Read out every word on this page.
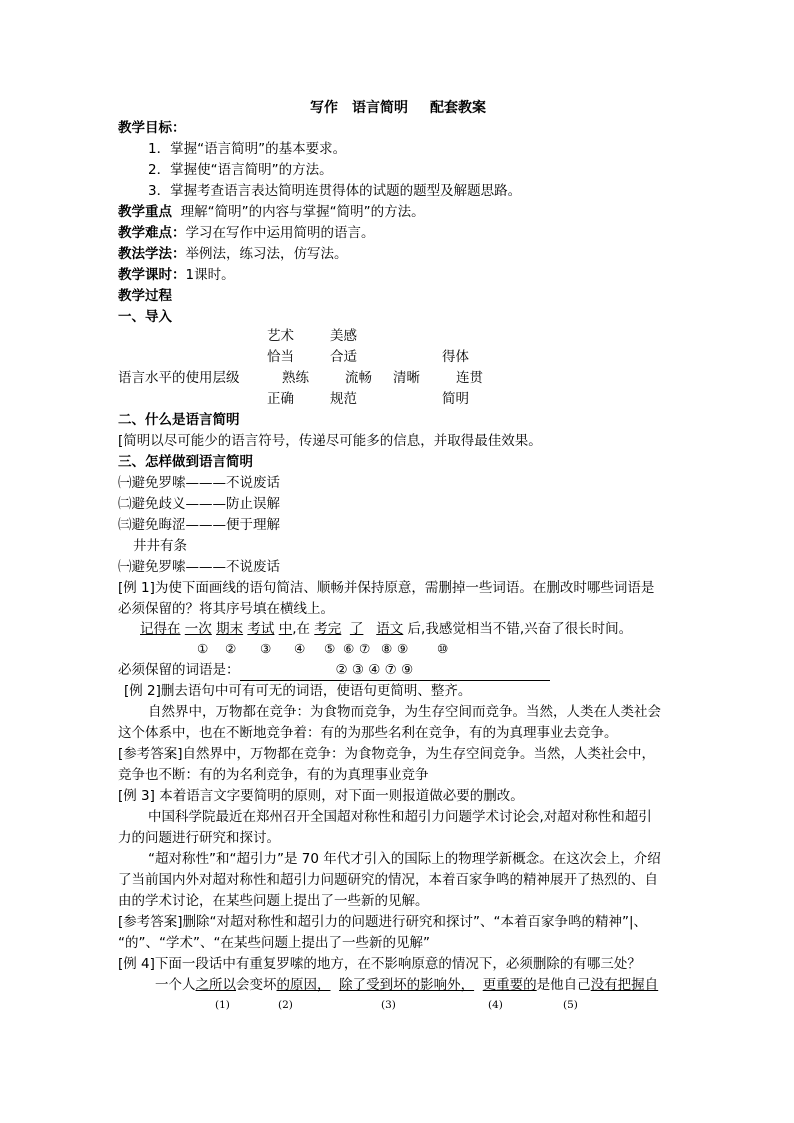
写作 语言简明 配套教案
教学目标：
1．掌握“语言简明”的基本要求。
2．掌握使“语言简明”的方法。
3．掌握考查语言表达简明连贯得体的试题的题型及解题思路。
教学重点 理解“简明”的内容与掌握“简明”的方法。
教学难点：学习在写作中运用简明的语言。
教法学法：举例法，练习法，仿写法。
教学课时：1课时。
教学过程
一、导入
艺术	美感
恰当	合适	得体
语言水平的使用层级	熟练	流畅 清晰	连贯
正确	规范	简明
二、什么是语言简明
[简明以尽可能少的语言符号，传递尽可能多的信息，并取得最佳效果。
三、怎样做到语言简明
㈠避免罗嗦———不说废话
㈡避免歧义———防止误解
㈢避免晦涩———便于理解
井井有条
㈠避免罗嗦———不说废话
[例 1]为使下面画线的语句简洁、顺畅并保持原意，需删掉一些词语。在删改时哪些词语是
必须保留的？将其序号填在横线上。
记得在 一次 期末 考试 中,在 考完 了 语文 后,我感觉相当不错,兴奋了很长时间。
① ② ③ ④ ⑤ ⑥ ⑦ ⑧ ⑨ ⑩
必须保留的词语是：	② ③ ④ ⑦ ⑨

[例 2]删去语句中可有可无的词语，使语句更简明、整齐。
自然界中，万物都在竞争：为食物而竞争，为生存空间而竞争。当然，人类在人类社会
这个体系中，也在不断地竞争着：有的为那些名利在竞争，有的为真理事业去竞争。
[参考答案]自然界中，万物都在竞争：为食物竞争，为生存空间竞争。当然，人类社会中，
竞争也不断：有的为名利竞争，有的为真理事业竞争
[例 3] 本着语言文字要简明的原则，对下面一则报道做必要的删改。
中国科学院最近在郑州召开全国超对称性和超引力问题学术讨论会,对超对称性和超引
力的问题进行研究和探讨。
“超对称性”和“超引力”是 70 年代才引入的国际上的物理学新概念。在这次会上，介绍
了当前国内外对超对称性和超引力问题研究的情况，本着百家争鸣的精神展开了热烈的、自
由的学术讨论，在某些问题上提出了一些新的见解。
[参考答案]删除“对超对称性和超引力的问题进行研究和探讨”、“本着百家争鸣的精神”|、
“的”、“学术”、“在某些问题上提出了一些新的见解”
[例 4]下面一段话中有重复罗嗦的地方，在不影响原意的情况下，必须删除的有哪三处？
一个人之所以会变坏的原因， 除了受到坏的影响外， 更重要的是他自己没有把握自
(1)	(2)	(3)	(4)	(5)
